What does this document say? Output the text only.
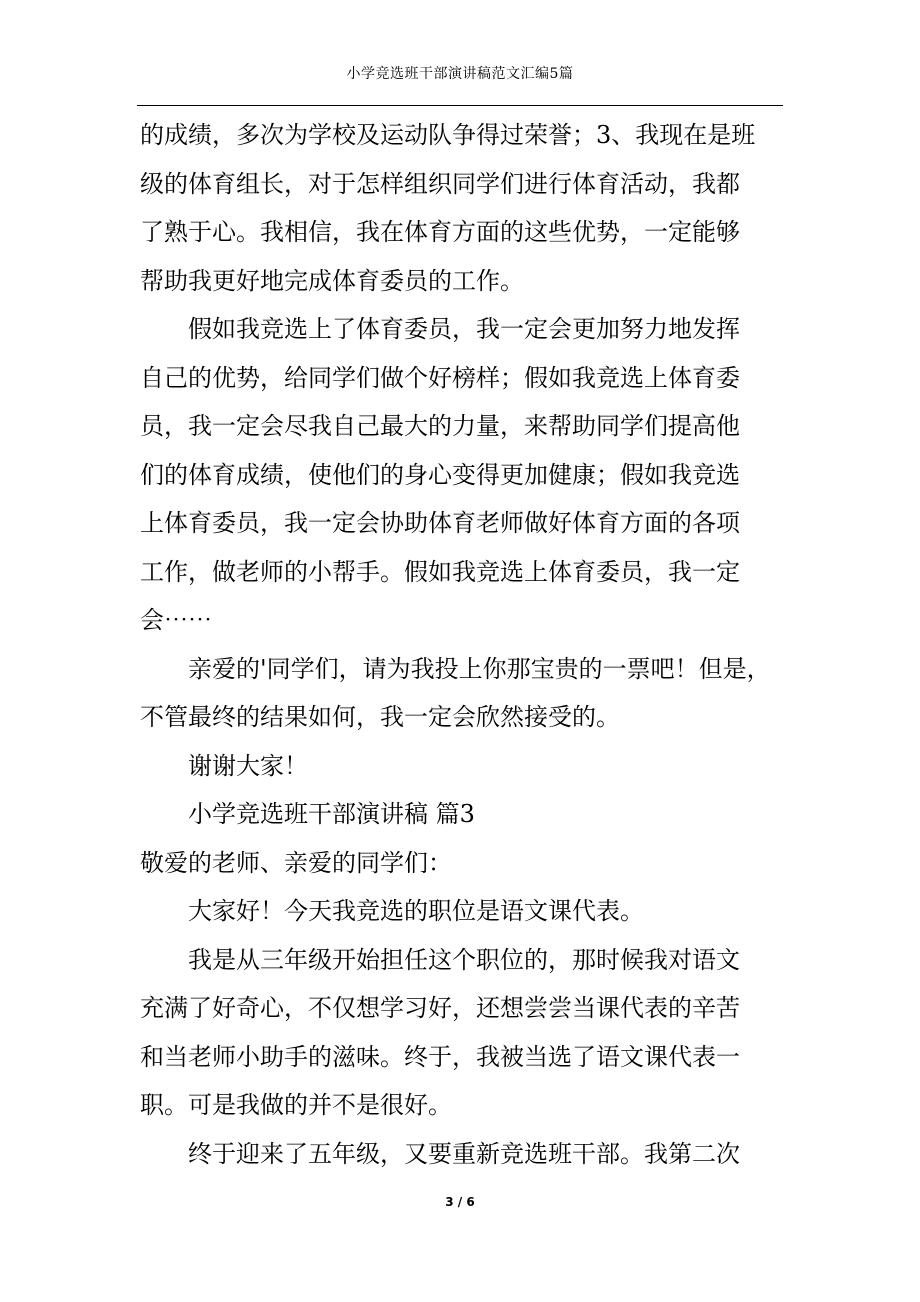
小学竞选班干部演讲稿范文汇编5篇
的成绩，多次为学校及运动队争得过荣誉；3、我现在是班
级的体育组长，对于怎样组织同学们进行体育活动，我都
了熟于心。我相信，我在体育方面的这些优势，一定能够
帮助我更好地完成体育委员的工作。
假如我竞选上了体育委员，我一定会更加努力地发挥
自己的优势，给同学们做个好榜样；假如我竞选上体育委
员，我一定会尽我自己最大的力量，来帮助同学们提高他
们的体育成绩，使他们的身心变得更加健康；假如我竞选
上体育委员，我一定会协助体育老师做好体育方面的各项
工作，做老师的小帮手。假如我竞选上体育委员，我一定
会⋯⋯
亲爱的'同学们，请为我投上你那宝贵的一票吧！但是，
不管最终的结果如何，我一定会欣然接受的。
谢谢大家！
小学竞选班干部演讲稿 篇3
敬爱的老师、亲爱的同学们：
大家好！今天我竞选的职位是语文课代表。
我是从三年级开始担任这个职位的，那时候我对语文
充满了好奇心，不仅想学习好，还想尝尝当课代表的辛苦
和当老师小助手的滋味。终于，我被当选了语文课代表一
职。可是我做的并不是很好。
终于迎来了五年级，又要重新竞选班干部。我第二次
3 / 6
